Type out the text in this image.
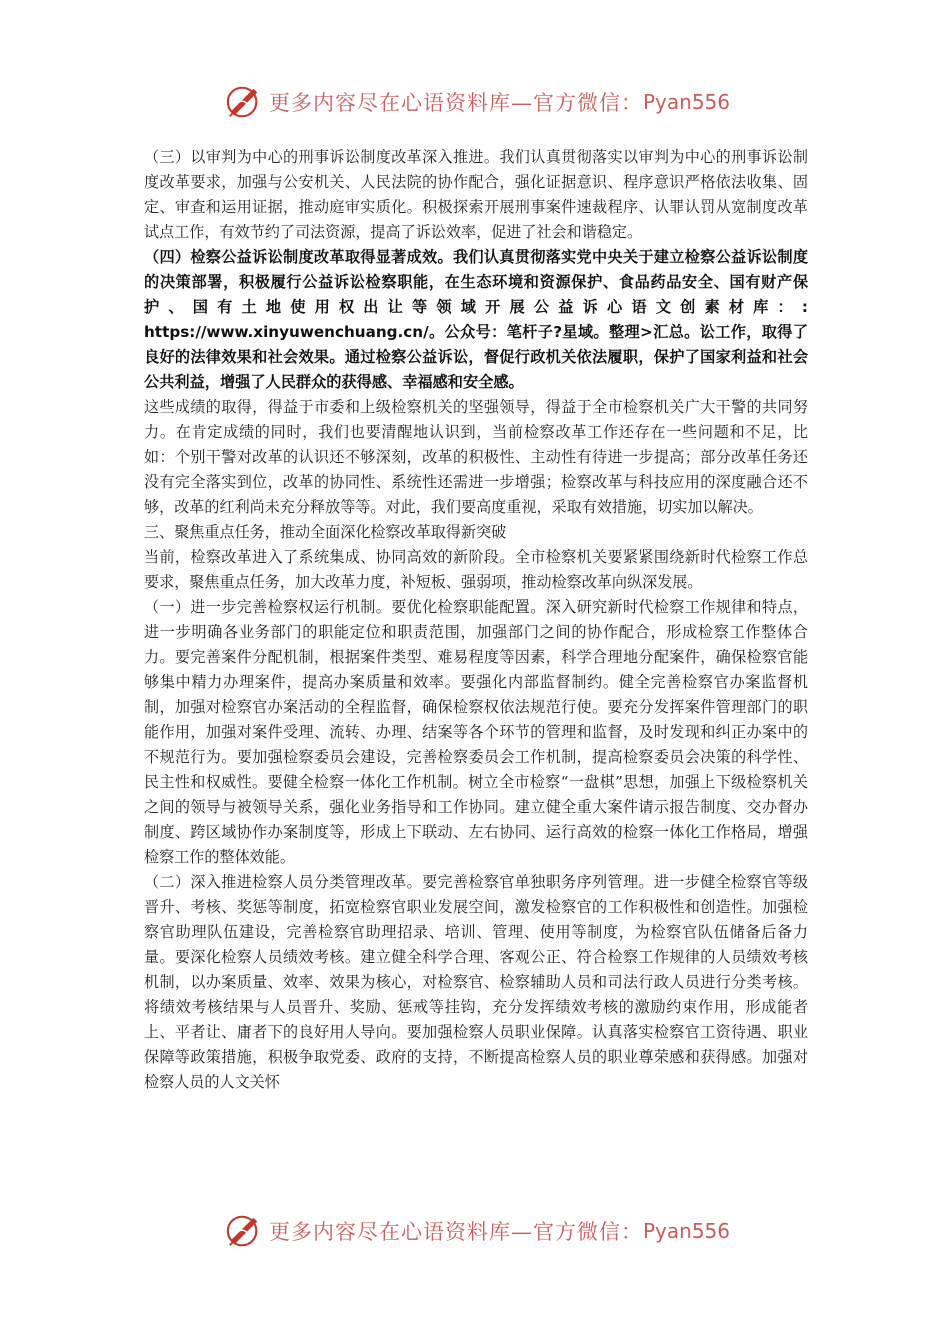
更多内容尽在心语资料库—官方微信： Pyan556

（三）以审判为中心的刑事诉讼制度改革深入推进。我们认真贯彻落实以审判为中心的刑事诉讼制度改革要求，加强与公安机关、人民法院的协作配合，强化证据意识、程序意识严格依法收集、固定、审查和运用证据，推动庭审实质化。积极探索开展刑事案件速裁程序、认罪认罚从宽制度改革试点工作，有效节约了司法资源，提高了诉讼效率，促进了社会和谐稳定。

（四）检察公益诉讼制度改革取得显著成效。我们认真贯彻落实党中央关于建立检察公益诉讼制度的决策部署，积极履行公益诉讼检察职能，在生态环境和资源保护、食品药品安全、国有财产保护、国有土地使用权出让等领域开展公益诉心语文创素材库：: https://www.xinyuwenchuang.cn/。公众号：笔杆子?星域。整理>汇总。讼工作，取得了良好的法律效果和社会效果。通过检察公益诉讼，督促行政机关依法履职，保护了国家利益和社会公共利益，增强了人民群众的获得感、幸福感和安全感。

这些成绩的取得，得益于市委和上级检察机关的坚强领导，得益于全市检察机关广大干警的共同努力。在肯定成绩的同时，我们也要清醒地认识到，当前检察改革工作还存在一些问题和不足，比如：个别干警对改革的认识还不够深刻，改革的积极性、主动性有待进一步提高；部分改革任务还没有完全落实到位，改革的协同性、系统性还需进一步增强；检察改革与科技应用的深度融合还不够，改革的红利尚未充分释放等等。对此，我们要高度重视，采取有效措施，切实加以解决。

三、聚焦重点任务，推动全面深化检察改革取得新突破

当前，检察改革进入了系统集成、协同高效的新阶段。全市检察机关要紧紧围绕新时代检察工作总要求，聚焦重点任务，加大改革力度，补短板、强弱项，推动检察改革向纵深发展。

（一）进一步完善检察权运行机制。要优化检察职能配置。深入研究新时代检察工作规律和特点，进一步明确各业务部门的职能定位和职责范围，加强部门之间的协作配合，形成检察工作整体合力。要完善案件分配机制，根据案件类型、难易程度等因素，科学合理地分配案件，确保检察官能够集中精力办理案件，提高办案质量和效率。要强化内部监督制约。健全完善检察官办案监督机制，加强对检察官办案活动的全程监督，确保检察权依法规范行使。要充分发挥案件管理部门的职能作用，加强对案件受理、流转、办理、结案等各个环节的管理和监督，及时发现和纠正办案中的不规范行为。要加强检察委员会建设，完善检察委员会工作机制，提高检察委员会决策的科学性、民主性和权威性。要健全检察一体化工作机制。树立全市检察“一盘棋”思想，加强上下级检察机关之间的领导与被领导关系，强化业务指导和工作协同。建立健全重大案件请示报告制度、交办督办制度、跨区域协作办案制度等，形成上下联动、左右协同、运行高效的检察一体化工作格局，增强检察工作的整体效能。

（二）深入推进检察人员分类管理改革。要完善检察官单独职务序列管理。进一步健全检察官等级晋升、考核、奖惩等制度，拓宽检察官职业发展空间，激发检察官的工作积极性和创造性。加强检察官助理队伍建设，完善检察官助理招录、培训、管理、使用等制度，为检察官队伍储备后备力量。要深化检察人员绩效考核。建立健全科学合理、客观公正、符合检察工作规律的人员绩效考核机制，以办案质量、效率、效果为核心，对检察官、检察辅助人员和司法行政人员进行分类考核。将绩效考核结果与人员晋升、奖励、惩戒等挂钩，充分发挥绩效考核的激励约束作用，形成能者上、平者让、庸者下的良好用人导向。要加强检察人员职业保障。认真落实检察官工资待遇、职业保障等政策措施，积极争取党委、政府的支持，不断提高检察人员的职业尊荣感和获得感。加强对检察人员的人文关怀

更多内容尽在心语资料库—官方微信： Pyan556
